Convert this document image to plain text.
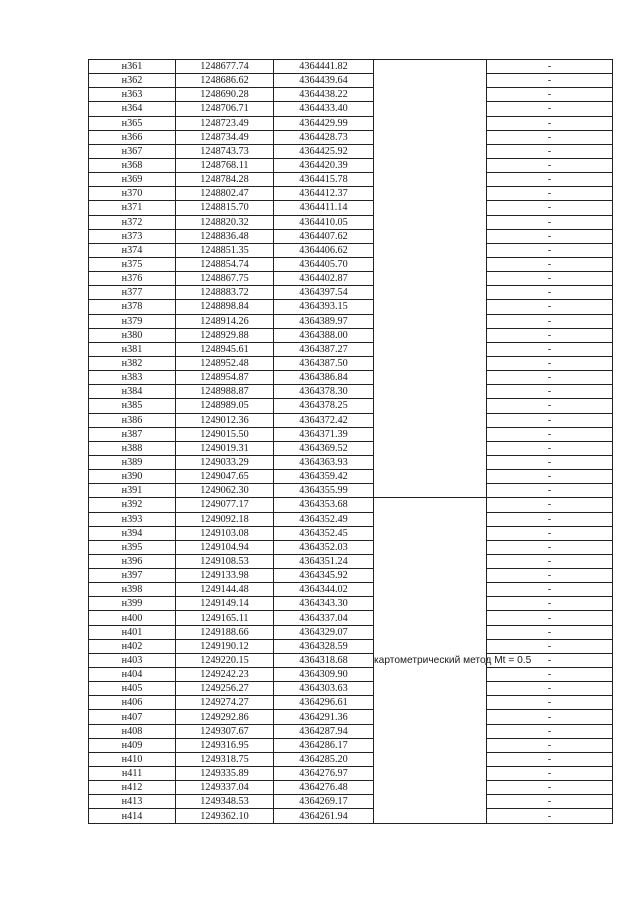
н361	1248677.74	4364441.82		-
н362	1248686.62	4364439.64		-
н363	1248690.28	4364438.22		-
н364	1248706.71	4364433.40		-
н365	1248723.49	4364429.99		-
н366	1248734.49	4364428.73		-
н367	1248743.73	4364425.92		-
н368	1248768.11	4364420.39		-
н369	1248784.28	4364415.78		-
н370	1248802.47	4364412.37		-
н371	1248815.70	4364411.14		-
н372	1248820.32	4364410.05		-
н373	1248836.48	4364407.62		-
н374	1248851.35	4364406.62		-
н375	1248854.74	4364405.70		-
н376	1248867.75	4364402.87		-
н377	1248883.72	4364397.54		-
н378	1248898.84	4364393.15		-
н379	1248914.26	4364389.97		-
н380	1248929.88	4364388.00		-
н381	1248945.61	4364387.27		-
н382	1248952.48	4364387.50		-
н383	1248954.87	4364386.84		-
н384	1248988.87	4364378.30		-
н385	1248989.05	4364378.25		-
н386	1249012.36	4364372.42		-
н387	1249015.50	4364371.39		-
н388	1249019.31	4364369.52		-
н389	1249033.29	4364363.93		-
н390	1249047.65	4364359.42		-
н391	1249062.30	4364355.99		-
н392	1249077.17	4364353.68	картометрический метод Mt = 0.5	-
н393	1249092.18	4364352.49		-
н394	1249103.08	4364352.45		-
н395	1249104.94	4364352.03		-
н396	1249108.53	4364351.24		-
н397	1249133.98	4364345.92		-
н398	1249144.48	4364344.02		-
н399	1249149.14	4364343.30		-
н400	1249165.11	4364337.04		-
н401	1249188.66	4364329.07		-
н402	1249190.12	4364328.59		-
н403	1249220.15	4364318.68		-
н404	1249242.23	4364309.90		-
н405	1249256.27	4364303.63		-
н406	1249274.27	4364296.61		-
н407	1249292.86	4364291.36		-
н408	1249307.67	4364287.94		-
н409	1249316.95	4364286.17		-
н410	1249318.75	4364285.20		-
н411	1249335.89	4364276.97		-
н412	1249337.04	4364276.48		-
н413	1249348.53	4364269.17		-
н414	1249362.10	4364261.94		-
